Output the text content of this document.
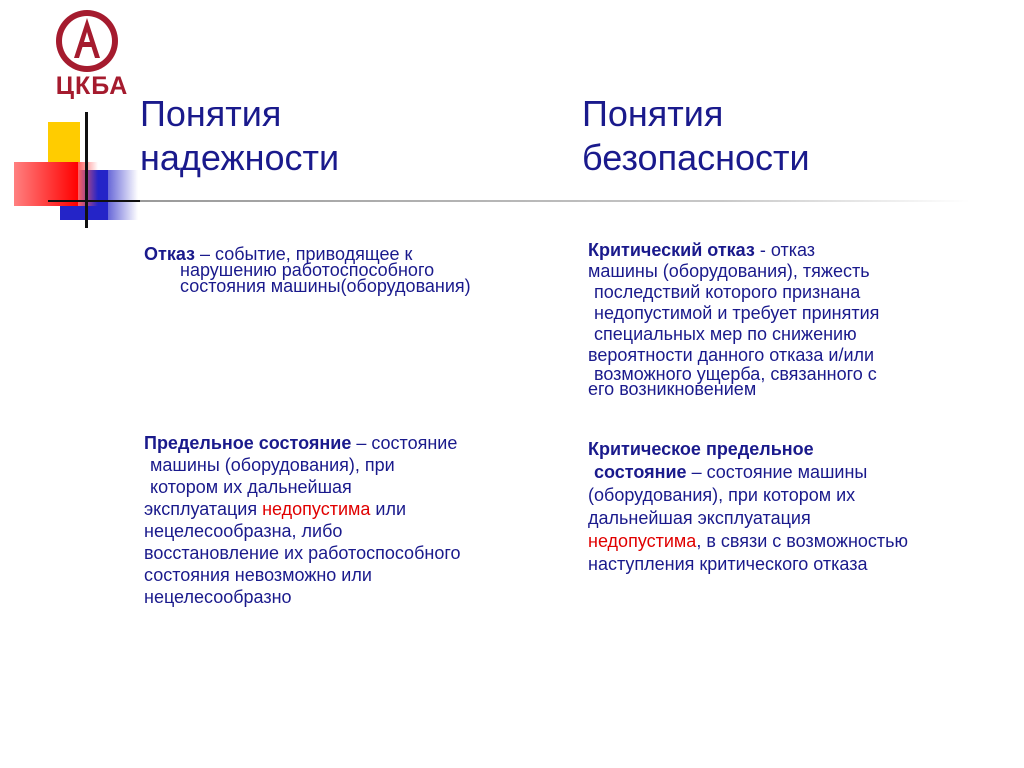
ЦКБА
Понятия
надежности
Понятия
безопасности
Отказ – событие, приводящее к
нарушению работоспособного
состояния машины(оборудования)
Критический отказ - отказ
машины (оборудования), тяжесть
последствий которого признана
недопустимой и требует принятия
специальных мер по снижению
вероятности данного отказа и/или
возможного ущерба, связанного с
его возникновением
Предельное состояние – состояние
машины (оборудования), при
котором их дальнейшая
эксплуатация недопустима или
нецелесообразна, либо
восстановление их работоспособного
состояния невозможно или
нецелесообразно
Критическое предельное
состояние – состояние машины
(оборудования), при котором их
дальнейшая эксплуатация
недопустима, в связи с возможностью
наступления критического отказа
